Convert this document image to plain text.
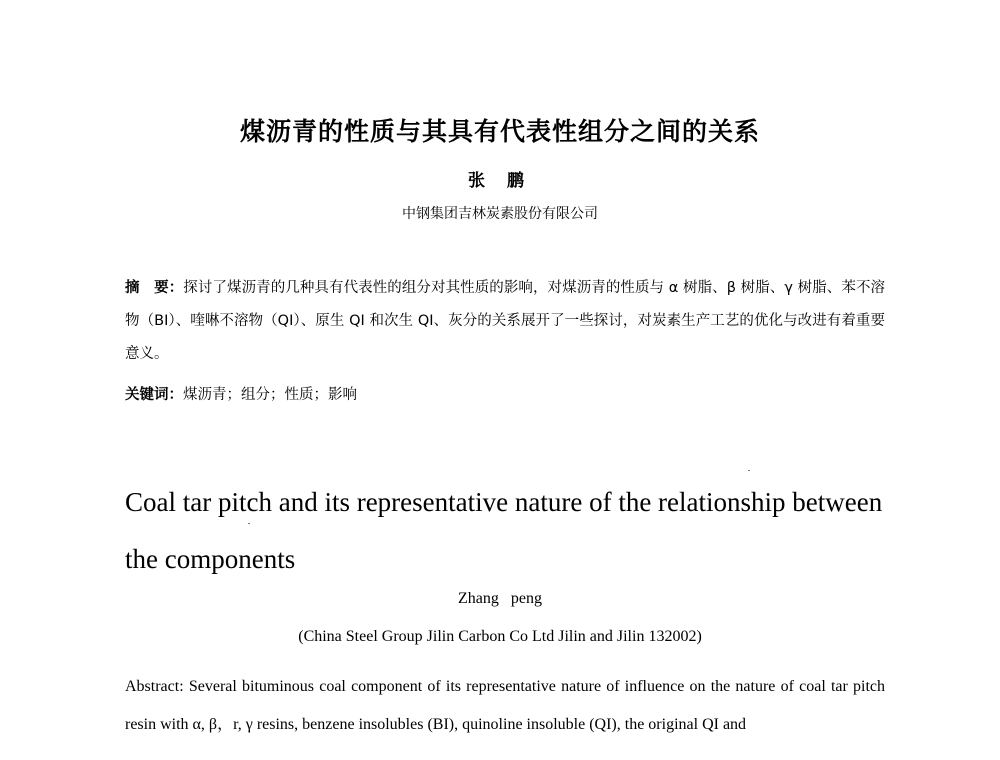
煤沥青的性质与其具有代表性组分之间的关系
张 鹏
中钢集团吉林炭素股份有限公司
摘　要：探讨了煤沥青的几种具有代表性的组分对其性质的影响，对煤沥青的性质与 α 树脂、β 树脂、γ 树脂、苯不溶物（BI）、喹啉不溶物（QI）、原生 QI 和次生 QI、灰分的关系展开了一些探讨，对炭素生产工艺的优化与改进有着重要意义。
关键词：煤沥青；组分；性质；影响
Coal tar pitch and its representative nature of the relationship between the components
Zhang peng
(China Steel Group Jilin Carbon Co Ltd Jilin and Jilin 132002)
Abstract: Several bituminous coal component of its representative nature of influence on the nature of coal tar pitch resin with α, β，r, γ resins, benzene insolubles (BI), quinoline insoluble (QI), the original QI and
